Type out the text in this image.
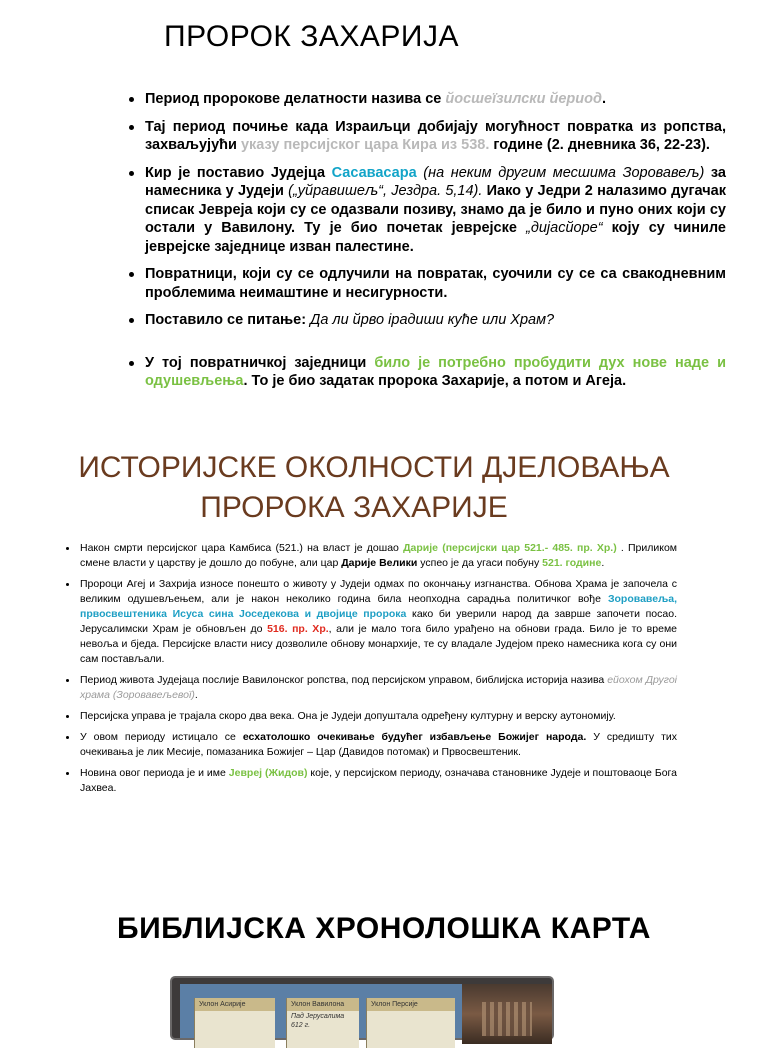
ПРОРОК ЗАХАРИЈА
Период пророкове делатности назива се йосшеїзилски йериод.
Тај период почиње када Израиљци добијају могућност повратка из ропства, захваљујући указу персијског цара Кира из 538. године (2. дневника 36, 22-23).
Кир је поставио Јудејца Сасавасара (на неким другим месшима Зоровавељ) за намесника у Јудеји („уйравишељ“, Јездра. 5,14). Иако у Једри 2 налазимо дугачак списак Јевреја који су се одазвали позиву, знамо да је било и пуно оних који су остали у Вавилону. Ту је био почетак јеврејске „дијасйоре“ коју су чиниле јеврејске заједнице изван палестине.
Повратници, који су се одлучили на повратак, суочили су се са свакодневним проблемима неимаштине и несигурности.
Поставило се питање: Да ли йрво ірадиши куће или Храм?
У тој повратничкој заједници било је потребно пробудити дух нове наде и одушевљења. То је био задатак пророка Захарије, а потом и Агеја.
ИСТОРИЈСКЕ ОКОЛНОСТИ ДЈЕЛОВАЊА
ПРОРОКА ЗАХАРИЈЕ
Након смрти персијског цара Камбиса (521.) на власт је дошао Дарије (персијски цар 521.- 485. пр. Хр.) . Приликом смене власти у царству је дошло до побуне, али цар Дарије Велики успео је да угаси побуну 521. године.
Пророци Агеј и Захрија износе понешто о животу у Јудеји одмах по окончању изгнанства. Обнова Храма је започела с великим одушевљењем, али је након неколико година била неопходна сарадња политичког вође Зоровавеља, првосвештеника Исуса сина Јоседекова и двојице пророка како би уверили народ да заврше започети посао. Јерусалимски Храм је обновљен до 516. пр. Хр., али је мало тога било урађено на обнови града. Било је то време невоља и бједа. Персијске власти нису дозволиле обнову монархије, те су владале Јудејом преко намесника кога су они сам постављали.
Период живота Јудејаца послије Вавилонског ропства, под персијском управом, библијска историја назива ейохом Другоі храма (Зоровавељевої).
Персијска управа је трајала скоро два века. Она је Јудеји допуштала одређену културну и верску аутономију.
У овом периоду истицало се есхатолошко очекивање будућег избављење Божијег народа. У средишту тих очекивања је лик Месије, помазаника Божијег – Цар (Давидов потомак) и Првосвештеник.
Новина овог периода је и име Јевреј (Жидов) које, у персијском периоду, означава становнике Јудеје и поштоваоце Бога Јахвеа.
БИБЛИЈСКА ХРОНОЛОШКА КАРТА
Уклон Асирије	Уклон Вавилона
Пад Јерусалима 612 г.
Уклон Персије
